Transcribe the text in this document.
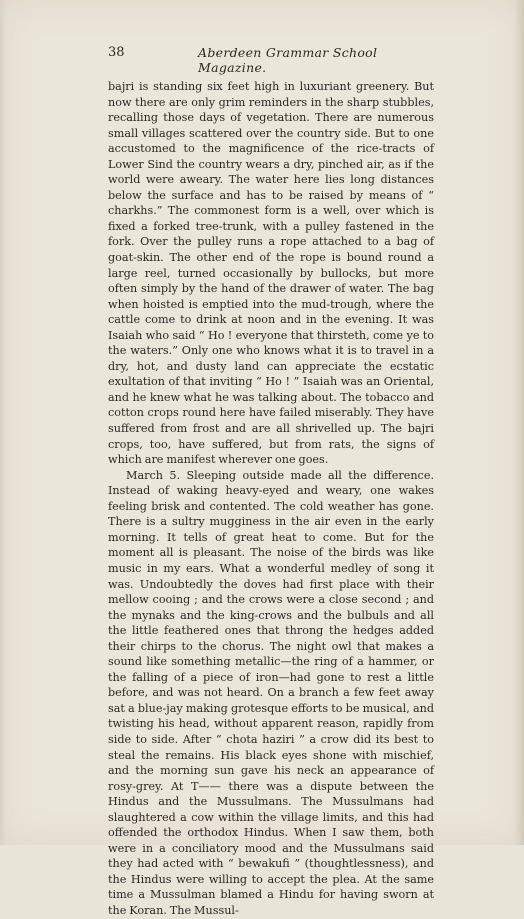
38	Aberdeen Grammar School Magazine.

bajri is standing six feet high in luxuriant greenery. But now there are only grim reminders in the sharp stubbles, recalling those days of vegetation. There are numerous small villages scattered over the country side. But to one accustomed to the magnificence of the rice-tracts of Lower Sind the country wears a dry, pinched air, as if the world were aweary. The water here lies long distances below the surface and has to be raised by means of “ charkhs.” The commonest form is a well, over which is fixed a forked tree-trunk, with a pulley fastened in the fork. Over the pulley runs a rope attached to a bag of goat-skin. The other end of the rope is bound round a large reel, turned occasionally by bullocks, but more often simply by the hand of the drawer of water. The bag when hoisted is emptied into the mud-trough, where the cattle come to drink at noon and in the evening. It was Isaiah who said “ Ho ! everyone that thirsteth, come ye to the waters.” Only one who knows what it is to travel in a dry, hot, and dusty land can appreciate the ecstatic exultation of that inviting “ Ho ! ” Isaiah was an Oriental, and he knew what he was talking about. The tobacco and cotton crops round here have failed miserably. They have suffered from frost and are all shrivelled up. The bajri crops, too, have suffered, but from rats, the signs of which are manifest wherever one goes.

March 5. Sleeping outside made all the difference. Instead of waking heavy-eyed and weary, one wakes feeling brisk and contented. The cold weather has gone. There is a sultry mugginess in the air even in the early morning. It tells of great heat to come. But for the moment all is pleasant. The noise of the birds was like music in my ears. What a wonderful medley of song it was. Undoubtedly the doves had first place with their mellow cooing ; and the crows were a close second ; and the mynaks and the king-crows and the bulbuls and all the little feathered ones that throng the hedges added their chirps to the chorus. The night owl that makes a sound like something metallic—the ring of a hammer, or the falling of a piece of iron—had gone to rest a little before, and was not heard. On a branch a few feet away sat a blue-jay making grotesque efforts to be musical, and twisting his head, without apparent reason, rapidly from side to side. After “ chota haziri ” a crow did its best to steal the remains. His black eyes shone with mischief, and the morning sun gave his neck an appearance of rosy-grey. At T—— there was a dispute between the Hindus and the Mussulmans. The Mussulmans had slaughtered a cow within the village limits, and this had offended the orthodox Hindus. When I saw them, both were in a conciliatory mood and the Mussulmans said they had acted with “ bewakufi ” (thoughtlessness), and the Hindus were willing to accept the plea. At the same time a Mussulman blamed a Hindu for having sworn at the Koran. The Mussul-
